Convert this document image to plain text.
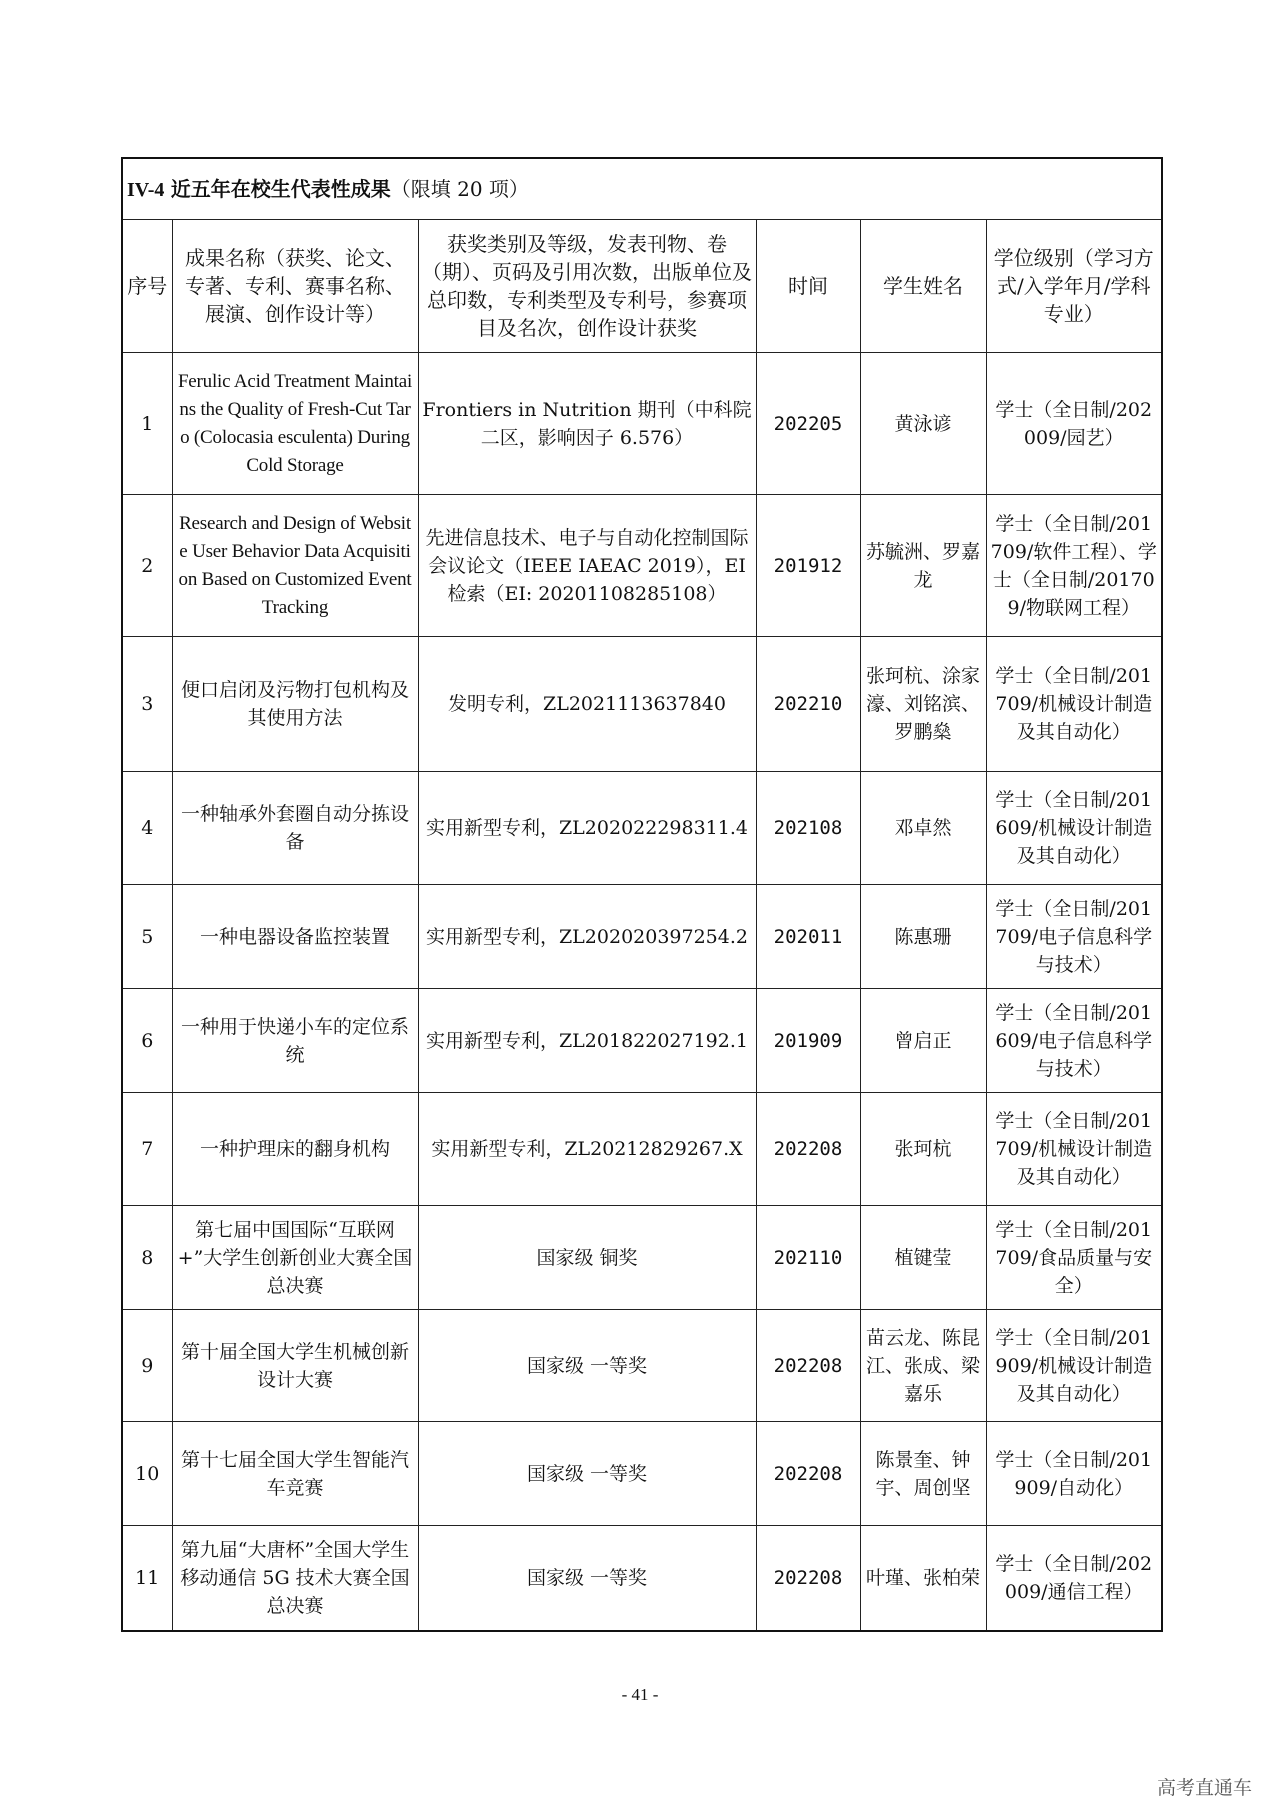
IV-4 近五年在校生代表性成果（限填 20 项）					
序号	成果名称（获奖、论文、专著、专利、赛事名称、展演、创作设计等）	获奖类别及等级，发表刊物、卷（期）、页码及引用次数，出版单位及总印数，专利类型及专利号，参赛项目及名次，创作设计获奖	时间	学生姓名	学位级别（学习方式/入学年月/学科专业）
1	Ferulic Acid Treatment Maintains the Quality of Fresh-Cut Taro (Colocasia esculenta) During Cold Storage	Frontiers in Nutrition 期刊（中科院二区，影响因子 6.576）	202205	黄泳谚	学士（全日制/202009/园艺）
2	Research and Design of Website User Behavior Data Acquisition Based on Customized Event Tracking	先进信息技术、电子与自动化控制国际会议论文（IEEE IAEAC 2019），EI 检索（EI: 20201108285108）	201912	苏毓洲、罗嘉龙	学士（全日制/201709/软件工程）、学士（全日制/201709/物联网工程）
3	便口启闭及污物打包机构及其使用方法	发明专利，ZL2021113637840	202210	张珂杭、涂家濠、刘铭滨、罗鹏燊	学士（全日制/201709/机械设计制造及其自动化）
4	一种轴承外套圈自动分拣设备	实用新型专利，ZL202022298311.4	202108	邓卓然	学士（全日制/201609/机械设计制造及其自动化）
5	一种电器设备监控装置	实用新型专利，ZL202020397254.2	202011	陈惠珊	学士（全日制/201709/电子信息科学与技术）
6	一种用于快递小车的定位系统	实用新型专利，ZL201822027192.1	201909	曾启正	学士（全日制/201609/电子信息科学与技术）
7	一种护理床的翻身机构	实用新型专利，ZL20212829267.X	202208	张珂杭	学士（全日制/201709/机械设计制造及其自动化）
8	第七届中国国际“互联网+”大学生创新创业大赛全国总决赛	国家级 铜奖	202110	植键莹	学士（全日制/201709/食品质量与安全）
9	第十届全国大学生机械创新设计大赛	国家级 一等奖	202208	苗云龙、陈昆江、张成、梁嘉乐	学士（全日制/201909/机械设计制造及其自动化）
10	第十七届全国大学生智能汽车竞赛	国家级 一等奖	202208	陈景奎、钟宇、周创坚	学士（全日制/201909/自动化）
11	第九届“大唐杯”全国大学生移动通信 5G 技术大赛全国总决赛	国家级 一等奖	202208	叶瑾、张柏荣	学士（全日制/202009/通信工程）
- 41 -
高考直通车
